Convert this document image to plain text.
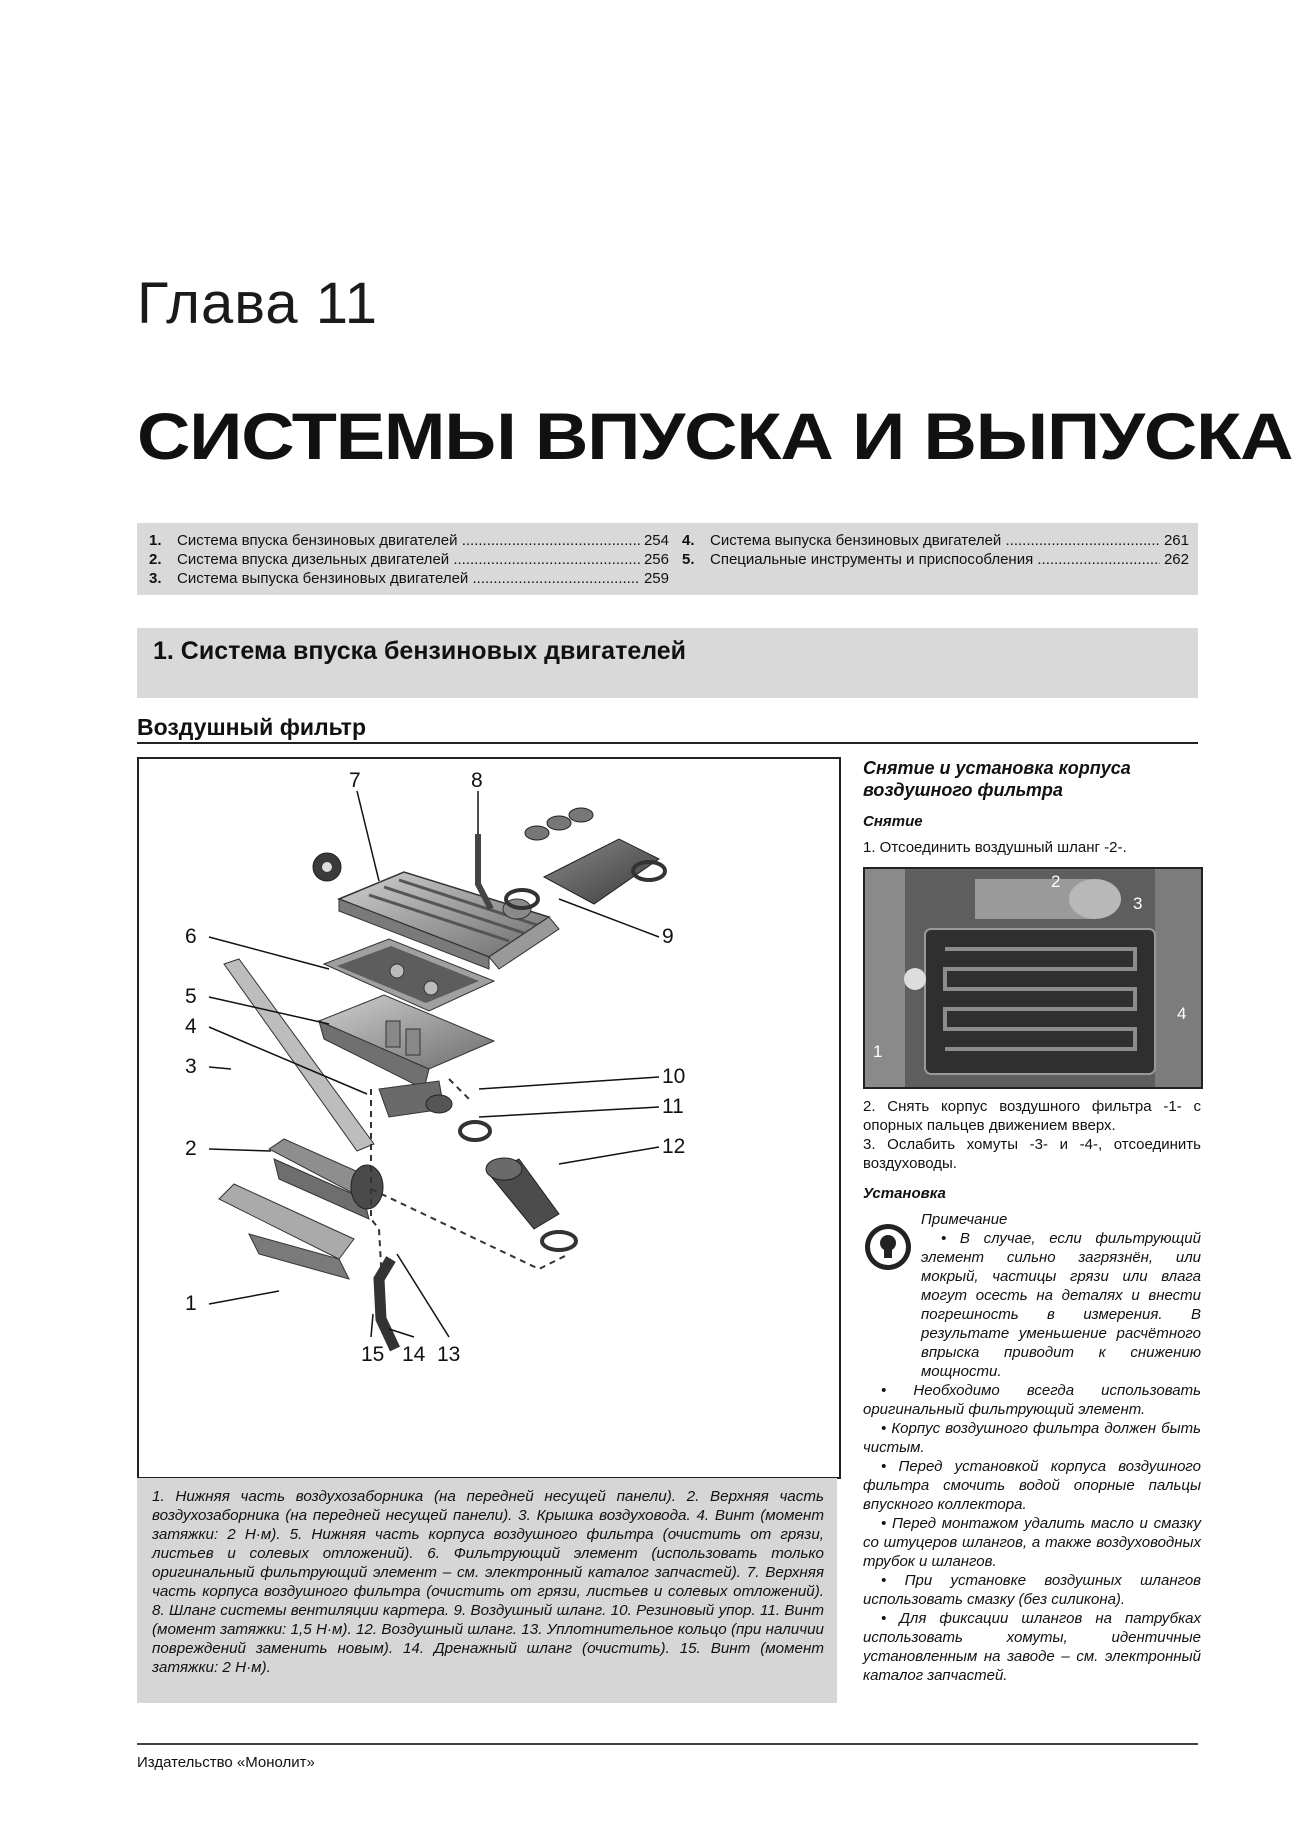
Глава 11
СИСТЕМЫ ВПУСКА И ВЫПУСКА
1.	Система впуска бензиновых двигателей .....	254
2.	Система впуска дизельных двигателей .....	256
3.	Система выпуска бензиновых двигателей .....	259
4.	Система выпуска бензиновых двигателей .....	261
5.	Специальные инструменты и приспособления .....	262
1. Система впуска бензиновых двигателей
Воздушный фильтр
7	8
9
6
5
4
3
2
1
10
11
12
13
14
15
1. Нижняя часть воздухозаборника (на передней несущей панели). 2. Верхняя часть воздухозаборника (на передней несущей панели). 3. Крышка воздуховода. 4. Винт (момент затяжки: 2 Н·м). 5. Нижняя часть корпуса воздушного фильтра (очистить от грязи, листьев и солевых отложений). 6. Фильтрующий элемент (использовать только оригинальный фильтрующий элемент – см. электронный каталог запчастей). 7. Верхняя часть корпуса воздушного фильтра (очистить от грязи, листьев и солевых отложений). 8. Шланг системы вентиляции картера. 9. Воздушный шланг. 10. Резиновый упор. 11. Винт (момент затяжки: 1,5 Н·м). 12. Воздушный шланг. 13. Уплотнительное кольцо (при наличии повреждений заменить новым). 14. Дренажный шланг (очистить). 15. Винт (момент затяжки: 2 Н·м).
Снятие и установка корпуса воздушного фильтра
Снятие
1. Отсоединить воздушный шланг -2-.
1
2
3
4
2. Снять корпус воздушного фильтра -1- с опорных пальцев движением вверх.
3. Ослабить хомуты -3- и -4-, отсоединить воздуховоды.
Установка
Примечание
• В случае, если фильтрующий элемент сильно загрязнён, или мокрый, частицы грязи или влага могут осесть на деталях и внести погрешность в измерения. В результате уменьшение расчётного впрыска приводит к снижению мощности.
• Необходимо всегда использовать оригинальный фильтрующий элемент.
• Корпус воздушного фильтра должен быть чистым.
• Перед установкой корпуса воздушного фильтра смочить водой опорные пальцы впускного коллектора.
• Перед монтажом удалить масло и смазку со штуцеров шлангов, а также воздуховодных трубок и шлангов.
• При установке воздушных шлангов использовать смазку (без силикона).
• Для фиксации шлангов на патрубках использовать хомуты, идентичные установленным на заводе – см. электронный каталог запчастей.
Издательство «Монолит»
